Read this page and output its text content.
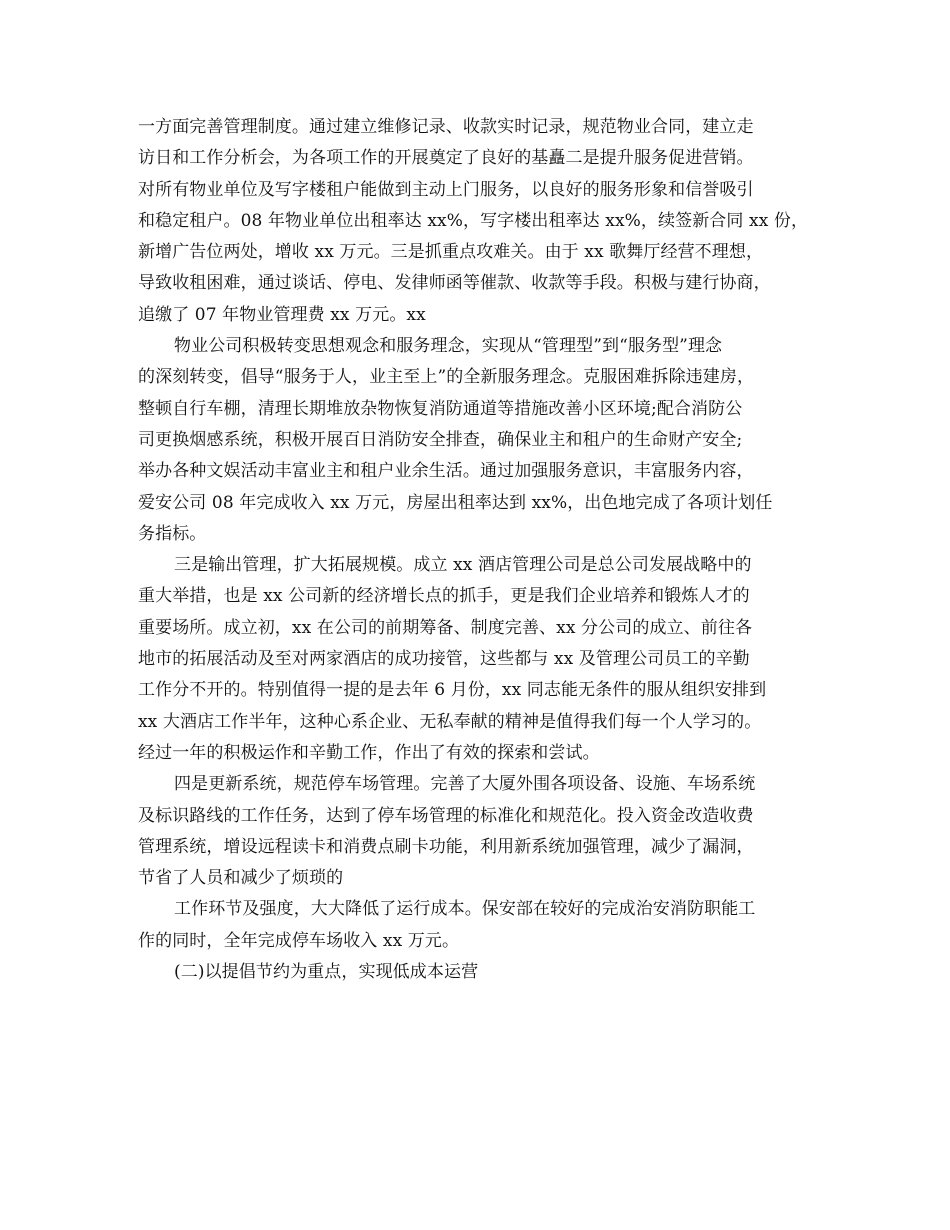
一方面完善管理制度。通过建立维修记录、收款实时记录，规范物业合同，建立走
访日和工作分析会，为各项工作的开展奠定了良好的基矗二是提升服务促进营销。
对所有物业单位及写字楼租户能做到主动上门服务，以良好的服务形象和信誉吸引
和稳定租户。08 年物业单位出租率达 xx%，写字楼出租率达 xx%，续签新合同 xx 份，
新增广告位两处，增收 xx 万元。三是抓重点攻难关。由于 xx 歌舞厅经营不理想，
导致收租困难，通过谈话、停电、发律师函等催款、收款等手段。积极与建行协商，
追缴了 07 年物业管理费 xx 万元。xx
物业公司积极转变思想观念和服务理念，实现从“管理型”到“服务型”理念
的深刻转变，倡导“服务于人，业主至上”的全新服务理念。克服困难拆除违建房，
整顿自行车棚，清理长期堆放杂物恢复消防通道等措施改善小区环境;配合消防公
司更换烟感系统，积极开展百日消防安全排查，确保业主和租户的生命财产安全;
举办各种文娱活动丰富业主和租户业余生活。通过加强服务意识，丰富服务内容，
爱安公司 08 年完成收入 xx 万元，房屋出租率达到 xx%，出色地完成了各项计划任
务指标。
三是输出管理，扩大拓展规模。成立 xx 酒店管理公司是总公司发展战略中的
重大举措，也是 xx 公司新的经济增长点的抓手，更是我们企业培养和锻炼人才的
重要场所。成立初，xx 在公司的前期筹备、制度完善、xx 分公司的成立、前往各
地市的拓展活动及至对两家酒店的成功接管，这些都与 xx 及管理公司员工的辛勤
工作分不开的。特别值得一提的是去年 6 月份，xx 同志能无条件的服从组织安排到
xx 大酒店工作半年，这种心系企业、无私奉献的精神是值得我们每一个人学习的。
经过一年的积极运作和辛勤工作，作出了有效的探索和尝试。
四是更新系统，规范停车场管理。完善了大厦外围各项设备、设施、车场系统
及标识路线的工作任务，达到了停车场管理的标准化和规范化。投入资金改造收费
管理系统，增设远程读卡和消费点刷卡功能，利用新系统加强管理，减少了漏洞，
节省了人员和减少了烦琐的
工作环节及强度，大大降低了运行成本。保安部在较好的完成治安消防职能工
作的同时，全年完成停车场收入 xx 万元。
(二)以提倡节约为重点，实现低成本运营
